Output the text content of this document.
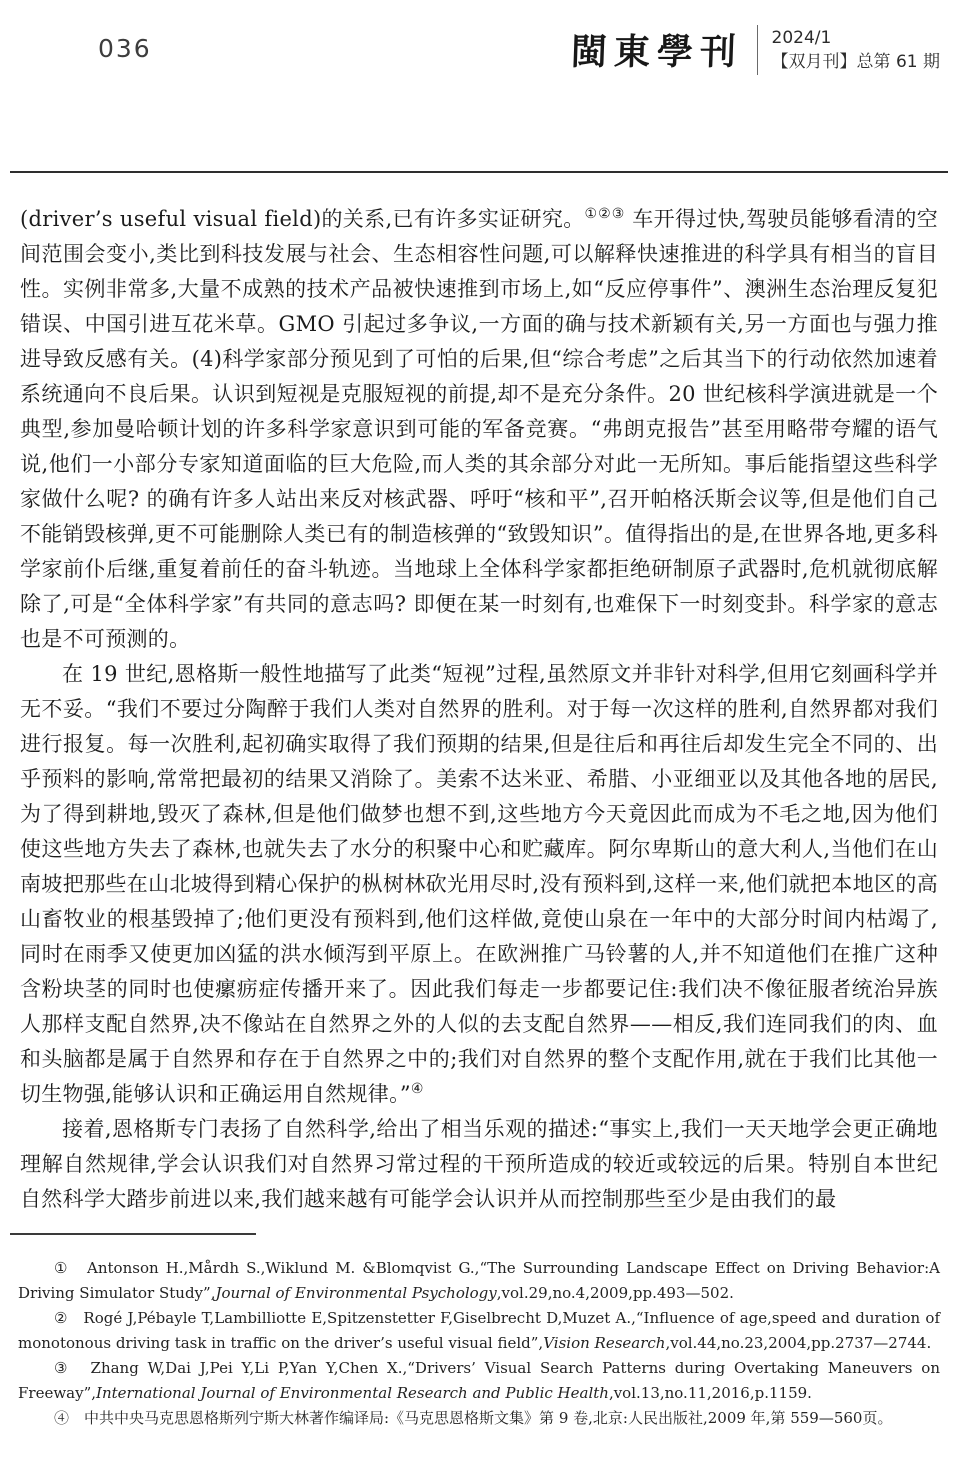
036	閩東學刊 2024/1
【双月刊】总第 61 期

(driver’s useful visual field)的关系,已有许多实证研究。①②③ 车开得过快,驾驶员能够看清的空间范围会变小,类比到科技发展与社会、生态相容性问题,可以解释快速推进的科学具有相当的盲目性。实例非常多,大量不成熟的技术产品被快速推到市场上,如“反应停事件”、澳洲生态治理反复犯错误、中国引进互花米草。GMO 引起过多争议,一方面的确与技术新颖有关,另一方面也与强力推进导致反感有关。(4)科学家部分预见到了可怕的后果,但“综合考虑”之后其当下的行动依然加速着系统通向不良后果。认识到短视是克服短视的前提,却不是充分条件。20 世纪核科学演进就是一个典型,参加曼哈顿计划的许多科学家意识到可能的军备竞赛。“弗朗克报告”甚至用略带夸耀的语气说,他们一小部分专家知道面临的巨大危险,而人类的其余部分对此一无所知。事后能指望这些科学家做什么呢? 的确有许多人站出来反对核武器、呼吁“核和平”,召开帕格沃斯会议等,但是他们自己不能销毁核弹,更不可能删除人类已有的制造核弹的“致毁知识”。值得指出的是,在世界各地,更多科学家前仆后继,重复着前任的奋斗轨迹。当地球上全体科学家都拒绝研制原子武器时,危机就彻底解除了,可是“全体科学家”有共同的意志吗? 即便在某一时刻有,也难保下一时刻变卦。科学家的意志也是不可预测的。

在 19 世纪,恩格斯一般性地描写了此类“短视”过程,虽然原文并非针对科学,但用它刻画科学并无不妥。“我们不要过分陶醉于我们人类对自然界的胜利。对于每一次这样的胜利,自然界都对我们进行报复。每一次胜利,起初确实取得了我们预期的结果,但是往后和再往后却发生完全不同的、出乎预料的影响,常常把最初的结果又消除了。美索不达米亚、希腊、小亚细亚以及其他各地的居民,为了得到耕地,毁灭了森林,但是他们做梦也想不到,这些地方今天竟因此而成为不毛之地,因为他们使这些地方失去了森林,也就失去了水分的积聚中心和贮藏库。阿尔卑斯山的意大利人,当他们在山南坡把那些在山北坡得到精心保护的枞树林砍光用尽时,没有预料到,这样一来,他们就把本地区的高山畜牧业的根基毁掉了;他们更没有预料到,他们这样做,竟使山泉在一年中的大部分时间内枯竭了,同时在雨季又使更加凶猛的洪水倾泻到平原上。在欧洲推广马铃薯的人,并不知道他们在推广这种含粉块茎的同时也使瘰疬症传播开来了。因此我们每走一步都要记住:我们决不像征服者统治异族人那样支配自然界,决不像站在自然界之外的人似的去支配自然界——相反,我们连同我们的肉、血和头脑都是属于自然界和存在于自然界之中的;我们对自然界的整个支配作用,就在于我们比其他一切生物强,能够认识和正确运用自然规律。”④

接着,恩格斯专门表扬了自然科学,给出了相当乐观的描述:“事实上,我们一天天地学会更正确地理解自然规律,学会认识我们对自然界习常过程的干预所造成的较近或较远的后果。特别自本世纪自然科学大踏步前进以来,我们越来越有可能学会认识并从而控制那些至少是由我们的最

①　Antonson H.,Mårdh S.,Wiklund M. &Blomqvist G.,“The Surrounding Landscape Effect on Driving Behavior:A Driving Simulator Study”,Journal of Environmental Psychology,vol.29,no.4,2009,pp.493—502.

②　Rogé J,Pébayle T,Lambilliotte E,Spitzenstetter F,Giselbrecht D,Muzet A.,“Influence of age,speed and duration of monotonous driving task in traffic on the driver’s useful visual field”,Vision Research,vol.44,no.23,2004,pp.2737—2744.

③　Zhang W,Dai J,Pei Y,Li P,Yan Y,Chen X.,“Drivers’ Visual Search Patterns during Overtaking Maneuvers on Freeway”,International Journal of Environmental Research and Public Health,vol.13,no.11,2016,p.1159.

④　中共中央马克思恩格斯列宁斯大林著作编译局:《马克思恩格斯文集》第 9 卷,北京:人民出版社,2009 年,第 559—560页。
